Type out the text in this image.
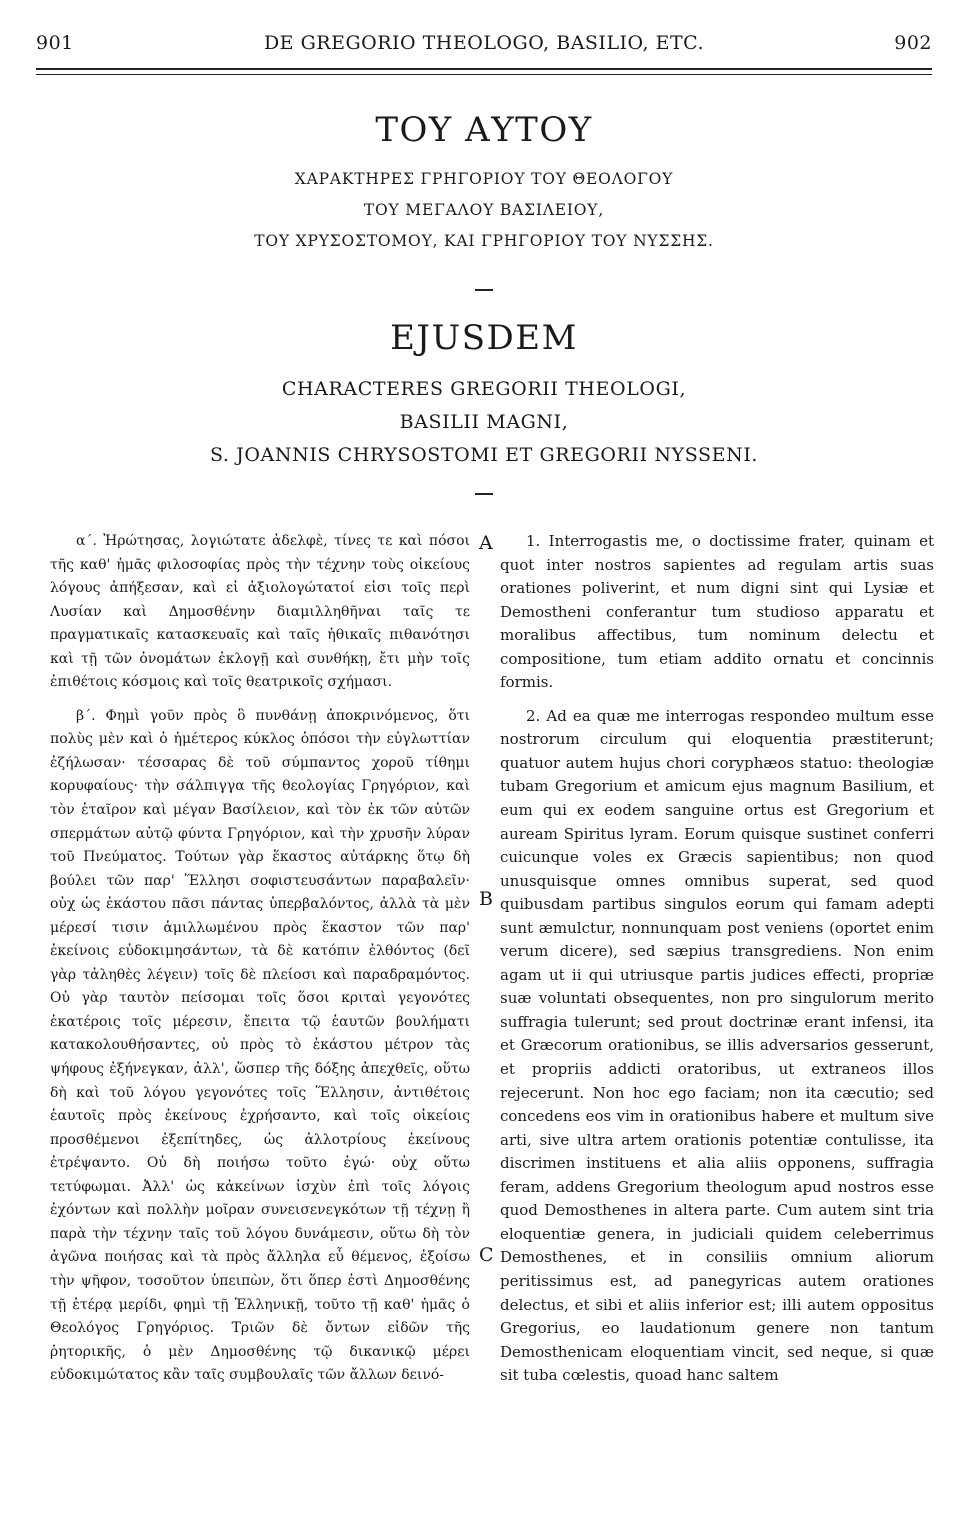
901	DE GREGORIO THEOLOGO, BASILIO, ETC.	902
ΤΟΥ ΑΥΤΟΥ
ΧΑΡΑΚΤΗΡΕΣ ΓΡΗΓΟΡΙΟΥ ΤΟΥ ΘΕΟΛΟΓΟΥ
ΤΟΥ ΜΕΓΑΛΟΥ ΒΑΣΙΛΕΙΟΥ,
ΤΟΥ ΧΡΥΣΟΣΤΟΜΟΥ, ΚΑΙ ΓΡΗΓΟΡΙΟΥ ΤΟΥ ΝΥΣΣΗΣ.
EJUSDEM
CHARACTERES GREGORII THEOLOGI,
BASILII MAGNI,
S. JOANNIS CHRYSOSTOMI ET GREGORII NYSSENI.

α΄. Ἠρώτησας, λογιώτατε ἀδελφὲ, τίνες τε καὶ πόσοι τῆς καθ' ἡμᾶς φιλοσοφίας πρὸς τὴν τέχνην τοὺς οἰκείους λόγους ἀπήξεσαν, καὶ εἰ ἀξιολογώτατοί εἰσι τοῖς περὶ Λυσίαν καὶ Δημοσθένην διαμιλληθῆναι ταῖς τε πραγματικαῖς κατασκευαῖς καὶ ταῖς ἠθικαῖς πιθανότησι καὶ τῇ τῶν ὀνομάτων ἐκλογῇ καὶ συνθήκῃ, ἔτι μὴν τοῖς ἐπιθέτοις κόσμοις καὶ τοῖς θεατρικοῖς σχήμασι.

β΄. Φημὶ γοῦν πρὸς ὃ πυνθάνῃ ἀποκρινόμενος, ὅτι πολὺς μὲν καὶ ὁ ἡμέτερος κύκλος ὁπόσοι τὴν εὐγλωττίαν ἐζήλωσαν· τέσσαρας δὲ τοῦ σύμπαντος χοροῦ τίθημι κορυφαίους· τὴν σάλπιγγα τῆς θεολογίας Γρηγόριον, καὶ τὸν ἑταῖρον καὶ μέγαν Βασίλειον, καὶ τὸν ἐκ τῶν αὐτῶν σπερμάτων αὐτῷ φύντα Γρηγόριον, καὶ τὴν χρυσῆν λύραν τοῦ Πνεύματος. Τούτων γὰρ ἕκαστος αὐτάρκης ὅτῳ δὴ βούλει τῶν παρ' Ἕλλησι σοφιστευσάντων παραβαλεῖν· οὐχ ὡς ἑκάστου πᾶσι πάντας ὑπερβαλόντος, ἀλλὰ τὰ μὲν μέρεσί τισιν ἁμιλλωμένου πρὸς ἕκαστον τῶν παρ' ἐκείνοις εὐδοκιμησάντων, τὰ δὲ κατόπιν ἐλθόντος (δεῖ γὰρ τἀληθὲς λέγειν) τοῖς δὲ πλείοσι καὶ παραδραμόντος. Οὐ γὰρ ταυτὸν πείσομαι τοῖς ὅσοι κριταὶ γεγονότες ἑκατέροις τοῖς μέρεσιν, ἔπειτα τῷ ἑαυτῶν βουλήματι κατακολουθήσαντες, οὐ πρὸς τὸ ἑκάστου μέτρον τὰς ψήφους ἐξήνεγκαν, ἀλλ', ὥσπερ τῆς δόξης ἀπεχθεῖς, οὕτω δὴ καὶ τοῦ λόγου γεγονότες τοῖς Ἕλλησιν, ἀντιθέτοις ἑαυτοῖς πρὸς ἐκείνους ἐχρήσαντο, καὶ τοῖς οἰκείοις προσθέμενοι ἐξεπίτηδες, ὡς ἀλλοτρίους ἐκείνους ἐτρέψαντο. Οὐ δὴ ποιήσω τοῦτο ἐγώ· οὐχ οὕτω τετύφωμαι. Ἀλλ' ὡς κἀκείνων ἰσχὺν ἐπὶ τοῖς λόγοις ἐχόντων καὶ πολλὴν μοῖραν συνεισενεγκότων τῇ τέχνῃ ἢ παρὰ τὴν τέχνην ταῖς τοῦ λόγου δυνάμεσιν, οὕτω δὴ τὸν ἀγῶνα ποιήσας καὶ τὰ πρὸς ἄλληλα εὖ θέμενος, ἐξοίσω τὴν ψῆφον, τοσοῦτον ὑπειπὼν, ὅτι ὅπερ ἐστὶ Δημοσθένης τῇ ἑτέρᾳ μερίδι, φημὶ τῇ Ἑλληνικῇ, τοῦτο τῇ καθ' ἡμᾶς ὁ Θεολόγος Γρηγόριος. Τριῶν δὲ ὄντων εἰδῶν τῆς ῥητορικῆς, ὁ μὲν Δημοσθένης τῷ δικανικῷ μέρει εὐδοκιμώτατος κἂν ταῖς συμβουλαῖς τῶν ἄλλων δεινό-

A
B
C

1. Interrogastis me, o doctissime frater, quinam et quot inter nostros sapientes ad regulam artis suas orationes poliverint, et num digni sint qui Lysiæ et Demostheni conferantur tum studioso apparatu et moralibus affectibus, tum nominum delectu et compositione, tum etiam addito ornatu et concinnis formis.

2. Ad ea quæ me interrogas respondeo multum esse nostrorum circulum qui eloquentia præstiterunt; quatuor autem hujus chori coryphæos statuo: theologiæ tubam Gregorium et amicum ejus magnum Basilium, et eum qui ex eodem sanguine ortus est Gregorium et auream Spiritus lyram. Eorum quisque sustinet conferri cuicunque voles ex Græcis sapientibus; non quod unusquisque omnes omnibus superat, sed quod quibusdam partibus singulos eorum qui famam adepti sunt æmulctur, nonnunquam post veniens (oportet enim verum dicere), sed sæpius transgrediens. Non enim agam ut ii qui utriusque partis judices effecti, propriæ suæ voluntati obsequentes, non pro singulorum merito suffragia tulerunt; sed prout doctrinæ erant infensi, ita et Græcorum orationibus, se illis adversarios gesserunt, et propriis addicti oratoribus, ut extraneos illos rejecerunt. Non hoc ego faciam; non ita cæcutio; sed concedens eos vim in orationibus habere et multum sive arti, sive ultra artem orationis potentiæ contulisse, ita discrimen instituens et alia aliis opponens, suffragia feram, addens Gregorium theologum apud nostros esse quod Demosthenes in altera parte. Cum autem sint tria eloquentiæ genera, in judiciali quidem celeberrimus Demosthenes, et in consiliis omnium aliorum peritissimus est, ad panegyricas autem orationes delectus, et sibi et aliis inferior est; illi autem oppositus Gregorius, eo laudationum genere non tantum Demosthenicam eloquentiam vincit, sed neque, si quæ sit tuba cœlestis, quoad hanc saltem
